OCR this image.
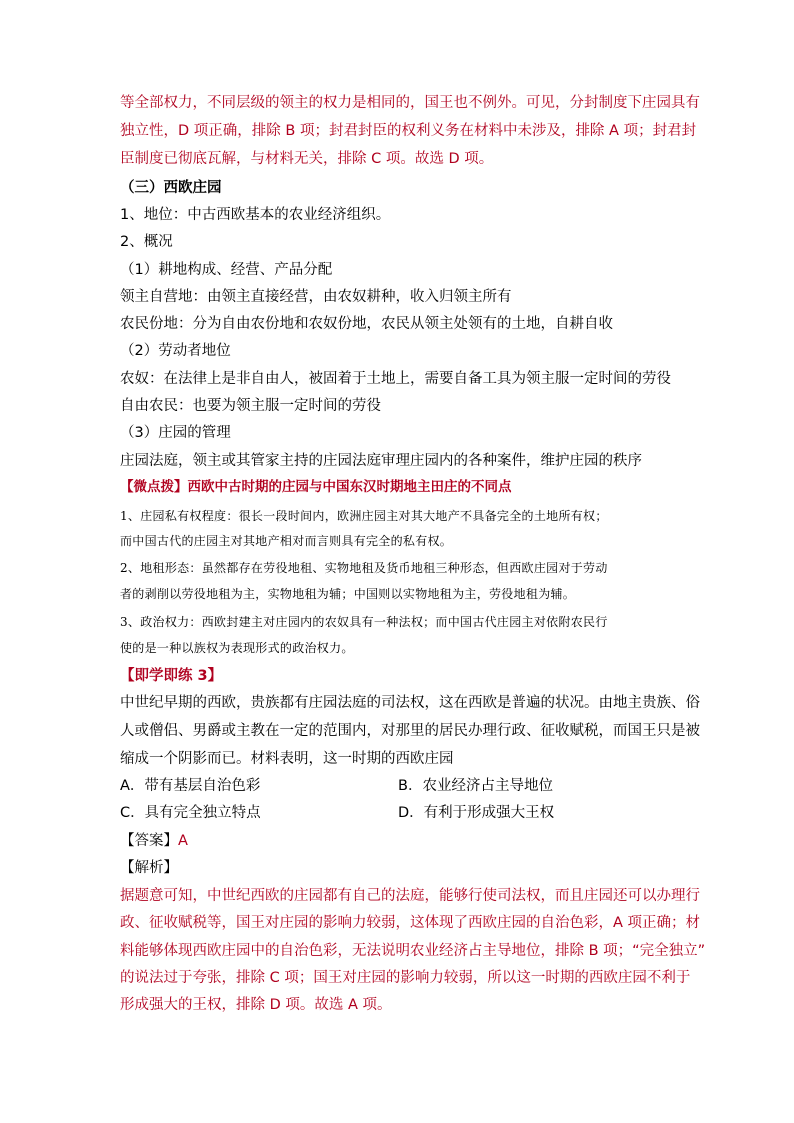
等全部权力，不同层级的领主的权力是相同的，国王也不例外。可见，分封制度下庄园具有
独立性，D 项正确，排除 B 项；封君封臣的权利义务在材料中未涉及，排除 A 项；封君封
臣制度已彻底瓦解，与材料无关，排除 C 项。故选 D 项。
（三）西欧庄园
1、地位：中古西欧基本的农业经济组织。
2、概况
（1）耕地构成、经营、产品分配
领主自营地：由领主直接经营，由农奴耕种，收入归领主所有
农民份地：分为自由农份地和农奴份地，农民从领主处领有的土地，自耕自收
（2）劳动者地位
农奴：在法律上是非自由人，被固着于土地上，需要自备工具为领主服一定时间的劳役
自由农民：也要为领主服一定时间的劳役
（3）庄园的管理
庄园法庭，领主或其管家主持的庄园法庭审理庄园内的各种案件，维护庄园的秩序
【微点拨】西欧中古时期的庄园与中国东汉时期地主田庄的不同点
1、庄园私有权程度：很长一段时间内，欧洲庄园主对其大地产不具备完全的土地所有权；
而中国古代的庄园主对其地产相对而言则具有完全的私有权。
2、地租形态：虽然都存在劳役地租、实物地租及货币地租三种形态，但西欧庄园对于劳动
者的剥削以劳役地租为主，实物地租为辅；中国则以实物地租为主，劳役地租为辅。
3、政治权力：西欧封建主对庄园内的农奴具有一种法权；而中国古代庄园主对依附农民行
使的是一种以族权为表现形式的政治权力。
【即学即练 3】
中世纪早期的西欧，贵族都有庄园法庭的司法权，这在西欧是普遍的状况。由地主贵族、俗
人或僧侣、男爵或主教在一定的范围内，对那里的居民办理行政、征收赋税，而国王只是被
缩成一个阴影而已。材料表明，这一时期的西欧庄园
A．带有基层自治色彩	B．农业经济占主导地位
C．具有完全独立特点	D．有利于形成强大王权
【答案】A
【解析】
据题意可知，中世纪西欧的庄园都有自己的法庭，能够行使司法权，而且庄园还可以办理行
政、征收赋税等，国王对庄园的影响力较弱，这体现了西欧庄园的自治色彩，A 项正确；材
料能够体现西欧庄园中的自治色彩，无法说明农业经济占主导地位，排除 B 项；“完全独立”
的说法过于夸张，排除 C 项；国王对庄园的影响力较弱，所以这一时期的西欧庄园不利于
形成强大的王权，排除 D 项。故选 A 项。
